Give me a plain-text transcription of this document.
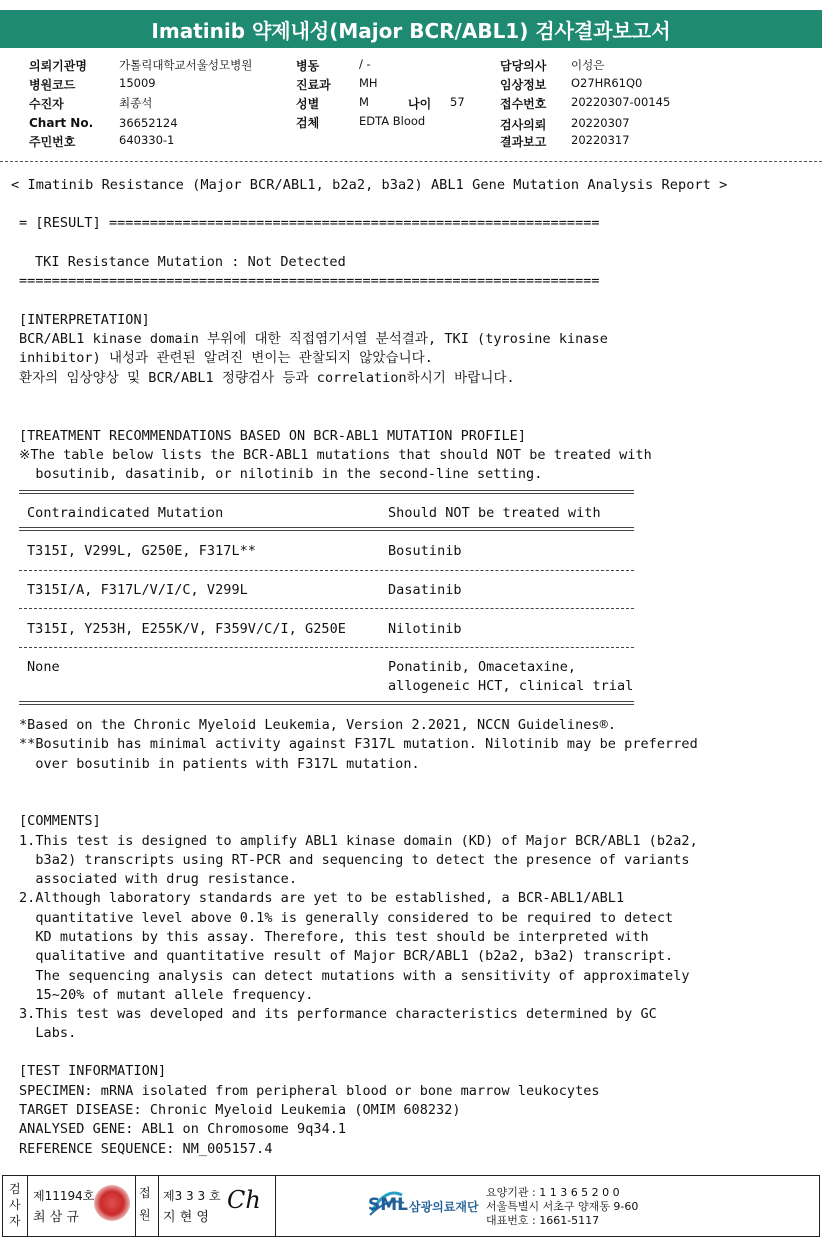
Imatinib 약제내성(Major BCR/ABL1) 검사결과보고서
의뢰기관명	가톨릭대학교서울성모병원
병원코드	15009
수진자	최종석
Chart No. 36652124
주민번호	640330-1
병동	/ -
진료과 MH
성별	M	나이 57
검체	EDTA Blood
담당의사 이성은
임상정보 O27HR61Q0
접수번호 20220307-00145
검사의뢰 20220307
결과보고 20220317
< Imatinib Resistance (Major BCR/ABL1, b2a2, b3a2) ABL1 Gene Mutation Analysis Report >
= [RESULT] ============================================================
TKI Resistance Mutation : Not Detected
=======================================================================
[INTERPRETATION]
BCR/ABL1 kinase domain 부위에 대한 직접염기서열 분석결과, TKI (tyrosine kinase
inhibitor) 내성과 관련된 알려진 변이는 관찰되지 않았습니다.
환자의 임상양상 및 BCR/ABL1 정량검사 등과 correlation하시기 바랍니다.
[TREATMENT RECOMMENDATIONS BASED ON BCR-ABL1 MUTATION PROFILE]
※The table below lists the BCR-ABL1 mutations that should NOT be treated with
bosutinib, dasatinib, or nilotinib in the second-line setting.
Contraindicated Mutation	Should NOT be treated with
T315I, V299L, G250E, F317L**	Bosutinib
T315I/A, F317L/V/I/C, V299L	Dasatinib
T315I, Y253H, E255K/V, F359V/C/I, G250E	Nilotinib
None	Ponatinib, Omacetaxine,
allogeneic HCT, clinical trial
*Based on the Chronic Myeloid Leukemia, Version 2.2021, NCCN Guidelines®.
**Bosutinib has minimal activity against F317L mutation. Nilotinib may be preferred
over bosutinib in patients with F317L mutation.
[COMMENTS]
1.This test is designed to amplify ABL1 kinase domain (KD) of Major BCR/ABL1 (b2a2,
b3a2) transcripts using RT-PCR and sequencing to detect the presence of variants
associated with drug resistance.
2.Although laboratory standards are yet to be established, a BCR-ABL1/ABL1
quantitative level above 0.1% is generally considered to be required to detect
KD mutations by this assay. Therefore, this test should be interpreted with
qualitative and quantitative result of Major BCR/ABL1 (b2a2, b3a2) transcript.
The sequencing analysis can detect mutations with a sensitivity of approximately
15~20% of mutant allele frequency.
3.This test was developed and its performance characteristics determined by GC
Labs.
[TEST INFORMATION]
SPECIMEN: mRNA isolated from peripheral blood or bone marrow leukocytes
TARGET DISEASE: Chronic Myeloid Leukemia (OMIM 608232)
ANALYSED GENE: ABL1 on Chromosome 9q34.1
REFERENCE SEQUENCE: NM_005157.4
검
사
자
제11194호
최 삼 규
접
원
제3 3 3 호
지 현 영
Ch	SML 삼광의료재단
요양기관 : 1 1 3 6 5 2 0 0
서울특별시 서초구 양재동 9-60
대표번호 : 1661-5117
